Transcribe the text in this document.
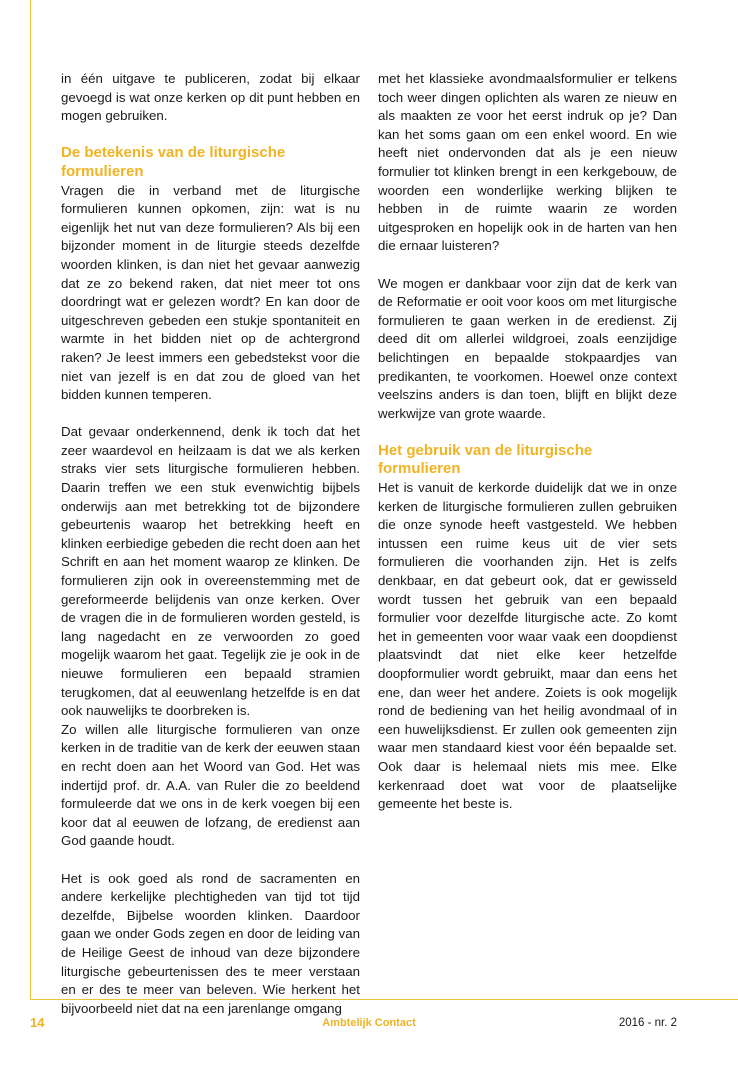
in één uitgave te publiceren, zodat bij elkaar gevoegd is wat onze kerken op dit punt hebben en mogen gebruiken.

De betekenis van de liturgische formulieren

Vragen die in verband met de liturgische formulieren kunnen opkomen, zijn: wat is nu eigenlijk het nut van deze formulieren? Als bij een bijzonder moment in de liturgie steeds dezelfde woorden klinken, is dan niet het gevaar aanwezig dat ze zo bekend raken, dat niet meer tot ons doordringt wat er gelezen wordt? En kan door de uitgeschreven gebeden een stukje spontaniteit en warmte in het bidden niet op de achtergrond raken? Je leest immers een gebedstekst voor die niet van jezelf is en dat zou de gloed van het bidden kunnen temperen.

Dat gevaar onderkennend, denk ik toch dat het zeer waardevol en heilzaam is dat we als kerken straks vier sets liturgische formulieren hebben. Daarin treffen we een stuk evenwichtig bijbels onderwijs aan met betrekking tot de bijzondere gebeurtenis waarop het betrekking heeft en klinken eerbiedige gebeden die recht doen aan het Schrift en aan het moment waarop ze klinken. De formulieren zijn ook in overeenstemming met de gereformeerde belijdenis van onze kerken. Over de vragen die in de formulieren worden gesteld, is lang nagedacht en ze verwoorden zo goed mogelijk waarom het gaat. Tegelijk zie je ook in de nieuwe formulieren een bepaald stramien terugkomen, dat al eeuwenlang hetzelfde is en dat ook nauwelijks te doorbreken is.

Zo willen alle liturgische formulieren van onze kerken in de traditie van de kerk der eeuwen staan en recht doen aan het Woord van God. Het was indertijd prof. dr. A.A. van Ruler die zo beeldend formuleerde dat we ons in de kerk voegen bij een koor dat al eeuwen de lofzang, de eredienst aan God gaande houdt.

Het is ook goed als rond de sacramenten en andere kerkelijke plechtigheden van tijd tot tijd dezelfde, Bijbelse woorden klinken. Daardoor gaan we onder Gods zegen en door de leiding van de Heilige Geest de inhoud van deze bijzondere liturgische gebeurtenissen des te meer verstaan en er des te meer van beleven. Wie herkent het bijvoorbeeld niet dat na een jarenlange omgang

met het klassieke avondmaalsformulier er telkens toch weer dingen oplichten als waren ze nieuw en als maakten ze voor het eerst indruk op je? Dan kan het soms gaan om een enkel woord. En wie heeft niet ondervonden dat als je een nieuw formulier tot klinken brengt in een kerkgebouw, de woorden een wonderlijke werking blijken te hebben in de ruimte waarin ze worden uitgesproken en hopelijk ook in de harten van hen die ernaar luisteren?

We mogen er dankbaar voor zijn dat de kerk van de Reformatie er ooit voor koos om met liturgische formulieren te gaan werken in de eredienst. Zij deed dit om allerlei wildgroei, zoals eenzijdige belichtingen en bepaalde stokpaardjes van predikanten, te voorkomen. Hoewel onze context veelszins anders is dan toen, blijft en blijkt deze werkwijze van grote waarde.

Het gebruik van de liturgische formulieren

Het is vanuit de kerkorde duidelijk dat we in onze kerken de liturgische formulieren zullen gebruiken die onze synode heeft vastgesteld. We hebben intussen een ruime keus uit de vier sets formulieren die voorhanden zijn. Het is zelfs denkbaar, en dat gebeurt ook, dat er gewisseld wordt tussen het gebruik van een bepaald formulier voor dezelfde liturgische acte. Zo komt het in gemeenten voor waar vaak een doopdienst plaatsvindt dat niet elke keer hetzelfde doopformulier wordt gebruikt, maar dan eens het ene, dan weer het andere. Zoiets is ook mogelijk rond de bediening van het heilig avondmaal of in een huwelijksdienst. Er zullen ook gemeenten zijn waar men standaard kiest voor één bepaalde set. Ook daar is helemaal niets mis mee. Elke kerkenraad doet wat voor de plaatselijke gemeente het beste is.

14	Ambtelijk Contact	2016 - nr. 2
